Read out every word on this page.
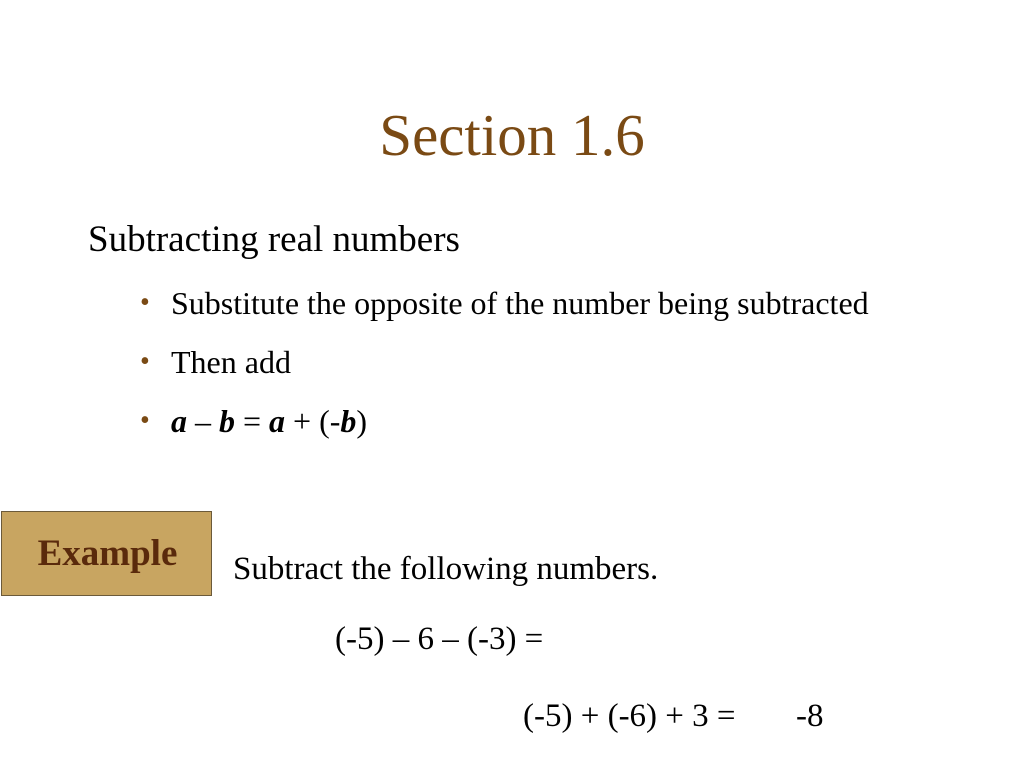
Section 1.6
Subtracting real numbers
• Substitute the opposite of the number being subtracted
• Then add
• a – b = a + (-b)
Example	Subtract the following numbers.
(-5) – 6 – (-3) =
(-5) + (-6) + 3 = -8
